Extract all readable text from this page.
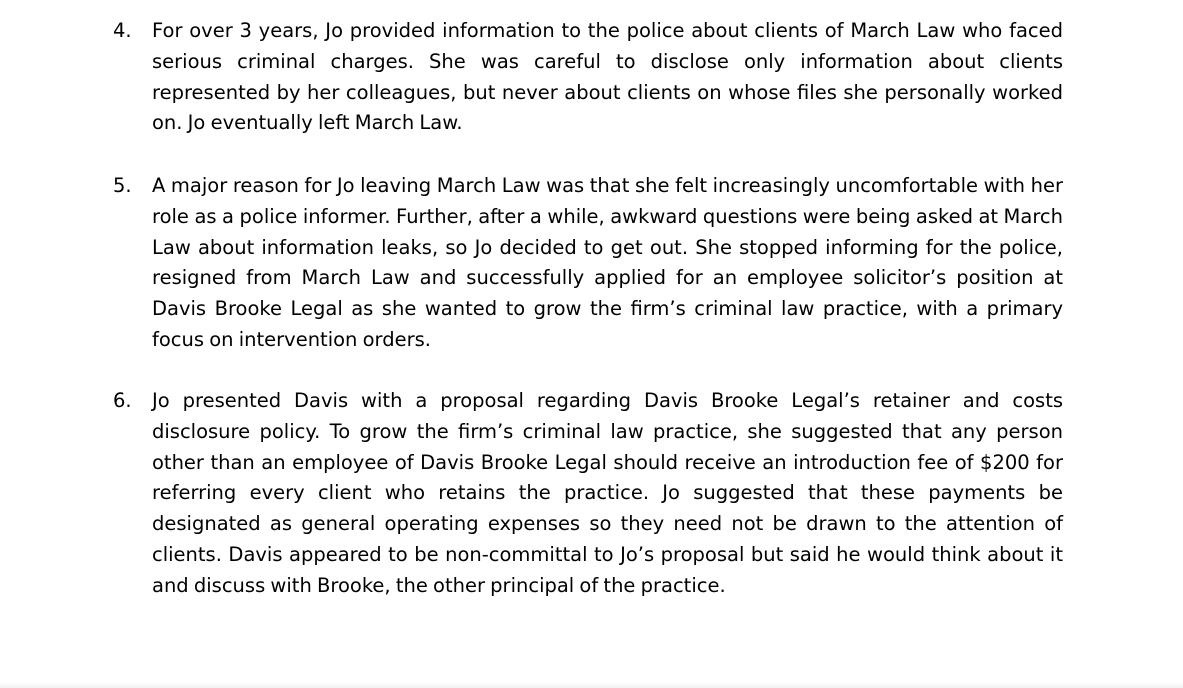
4.	For over 3 years, Jo provided information to the police about clients of March Law who faced serious criminal charges. She was careful to disclose only information about clients represented by her colleagues, but never about clients on whose files she personally worked on. Jo eventually left March Law.
5.	A major reason for Jo leaving March Law was that she felt increasingly uncomfortable with her role as a police informer. Further, after a while, awkward questions were being asked at March Law about information leaks, so Jo decided to get out. She stopped informing for the police, resigned from March Law and successfully applied for an employee solicitor’s position at Davis Brooke Legal as she wanted to grow the firm’s criminal law practice, with a primary focus on intervention orders.
6.	Jo presented Davis with a proposal regarding Davis Brooke Legal’s retainer and costs disclosure policy. To grow the firm’s criminal law practice, she suggested that any person other than an employee of Davis Brooke Legal should receive an introduction fee of $200 for referring every client who retains the practice. Jo suggested that these payments be designated as general operating expenses so they need not be drawn to the attention of clients. Davis appeared to be non-committal to Jo’s proposal but said he would think about it and discuss with Brooke, the other principal of the practice.
